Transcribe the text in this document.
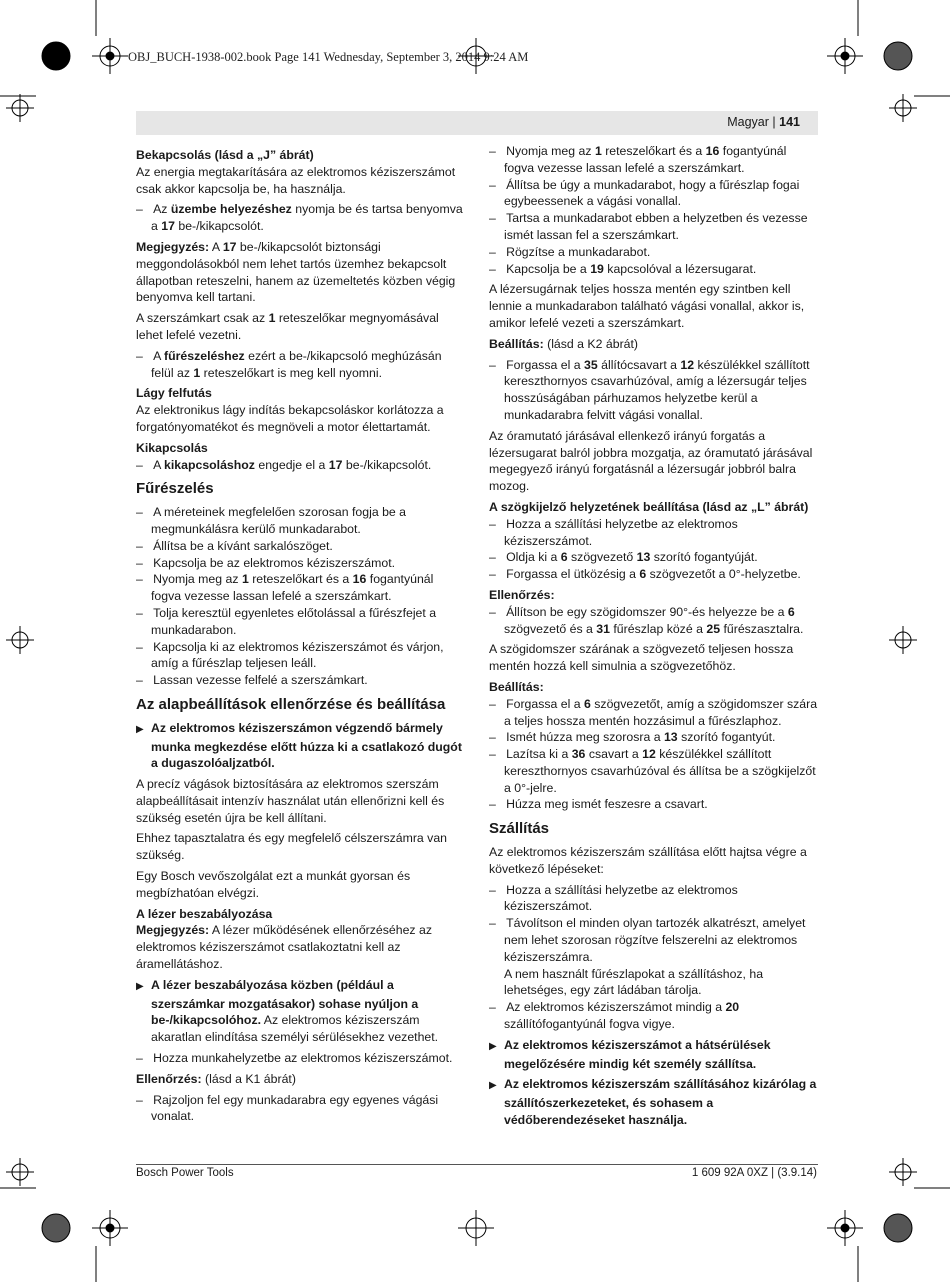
OBJ_BUCH-1938-002.book Page 141 Wednesday, September 3, 2014 9:24 AM
Magyar | 141
Bekapcsolás (lásd a „J” ábrát)
Az energia megtakarítására az elektromos kéziszerszámot csak akkor kapcsolja be, ha használja.
–   Az üzembe helyezéshez nyomja be és tartsa benyomva a 17 be-/kikapcsolót.
Megjegyzés: A 17 be-/kikapcsolót biztonsági meggondolásokból nem lehet tartós üzemhez bekapcsolt állapotban reteszelni, hanem az üzemeltetés közben végig benyomva kell tartani.
A szerszámkart csak az 1 reteszelőkar megnyomásával lehet lefelé vezetni.
–   A fűrészeléshez ezért a be-/kikapcsoló meghúzásán felül az 1 reteszelőkart is meg kell nyomni.
Lágy felfutás
Az elektronikus lágy indítás bekapcsoláskor korlátozza a forgatónyomatékot és megnöveli a motor élettartamát.
Kikapcsolás
–   A kikapcsoláshoz engedje el a 17 be-/kikapcsolót.
Fűrészelés
–   A méreteinek megfelelően szorosan fogja be a megmunkálásra kerülő munkadarabot.
–   Állítsa be a kívánt sarkalószöget.
–   Kapcsolja be az elektromos kéziszerszámot.
–   Nyomja meg az 1 reteszelőkart és a 16 fogantyúnál fogva vezesse lassan lefelé a szerszámkart.
–   Tolja keresztül egyenletes előtolással a fűrészfejet a munkadarabon.
–   Kapcsolja ki az elektromos kéziszerszámot és várjon, amíg a fűrészlap teljesen leáll.
–   Lassan vezesse felfelé a szerszámkart.
Az alapbeállítások ellenőrzése és beállítása
▶ Az elektromos kéziszerszámon végzendő bármely munka megkezdése előtt húzza ki a csatlakozó dugót a dugaszolóaljzatból.
A precíz vágások biztosítására az elektromos szerszám alapbeállításait intenzív használat után ellenőrizni kell és szükség esetén újra be kell állítani.
Ehhez tapasztalatra és egy megfelelő célszerszámra van szükség.
Egy Bosch vevőszolgálat ezt a munkát gyorsan és megbízhatóan elvégzi.
A lézer beszabályozása
Megjegyzés: A lézer működésének ellenőrzéséhez az elektromos kéziszerszámot csatlakoztatni kell az áramellátáshoz.
▶ A lézer beszabályozása közben (például a szerszámkar mozgatásakor) sohase nyúljon a be-/kikapcsolóhoz. Az elektromos kéziszerszám akaratlan elindítása személyi sérülésekhez vezethet.
–   Hozza munkahelyzetbe az elektromos kéziszerszámot.
Ellenőrzés: (lásd a K1 ábrát)
–   Rajzoljon fel egy munkadarabra egy egyenes vágási vonalat.
–   Nyomja meg az 1 reteszelőkart és a 16 fogantyúnál fogva vezesse lassan lefelé a szerszámkart.
–   Állítsa be úgy a munkadarabot, hogy a fűrészlap fogai egybeessenek a vágási vonallal.
–   Tartsa a munkadarabot ebben a helyzetben és vezesse ismét lassan fel a szerszámkart.
–   Rögzítse a munkadarabot.
–   Kapcsolja be a 19 kapcsolóval a lézersugarat.
A lézersugárnak teljes hossza mentén egy szintben kell lennie a munkadarabon található vágási vonallal, akkor is, amikor lefelé vezeti a szerszámkart.
Beállítás: (lásd a K2 ábrát)
–   Forgassa el a 35 állítócsavart a 12 készülékkel szállított kereszthornyos csavarhúzóval, amíg a lézersugár teljes hosszúságában párhuzamos helyzetbe kerül a munkadarabra felvitt vágási vonallal.
Az óramutató járásával ellenkező irányú forgatás a lézersugarat balról jobbra mozgatja, az óramutató járásával megegyező irányú forgatásnál a lézersugár jobbról balra mozog.
A szögkijelző helyzetének beállítása (lásd az „L” ábrát)
–   Hozza a szállítási helyzetbe az elektromos kéziszerszámot.
–   Oldja ki a 6 szögvezető 13 szorító fogantyúját.
–   Forgassa el ütközésig a 6 szögvezetőt a 0°-helyzetbe.
Ellenőrzés:
–   Állítson be egy szögidomszer 90°-és helyezze be a 6 szögvezető és a 31 fűrészlap közé a 25 fűrészasztalra.
A szögidomszer szárának a szögvezető teljesen hossza mentén hozzá kell simulnia a szögvezetőhöz.
Beállítás:
–   Forgassa el a 6 szögvezetőt, amíg a szögidomszer szára a teljes hossza mentén hozzásimul a fűrészlaphoz.
–   Ismét húzza meg szorosra a 13 szorító fogantyút.
–   Lazítsa ki a 36 csavart a 12 készülékkel szállított kereszthornyos csavarhúzóval és állítsa be a szögkijelzőt a 0°-jelre.
–   Húzza meg ismét feszesre a csavart.
Szállítás
Az elektromos kéziszerszám szállítása előtt hajtsa végre a következő lépéseket:
–   Hozza a szállítási helyzetbe az elektromos kéziszerszámot.
–   Távolítson el minden olyan tartozék alkatrészt, amelyet nem lehet szorosan rögzítve felszerelni az elektromos kéziszerszámra.
A nem használt fűrészlapokat a szállításhoz, ha lehetséges, egy zárt ládában tárolja.
–   Az elektromos kéziszerszámot mindig a 20 szállítófogantyúnál fogva vigye.
▶ Az elektromos kéziszerszámot a hátsérülések megelőzésére mindig két személy szállítsa.
▶ Az elektromos kéziszerszám szállításához kizárólag a szállítószerkezeteket, és sohasem a védőberendezéseket használja.
Bosch Power Tools	1 609 92A 0XZ | (3.9.14)
